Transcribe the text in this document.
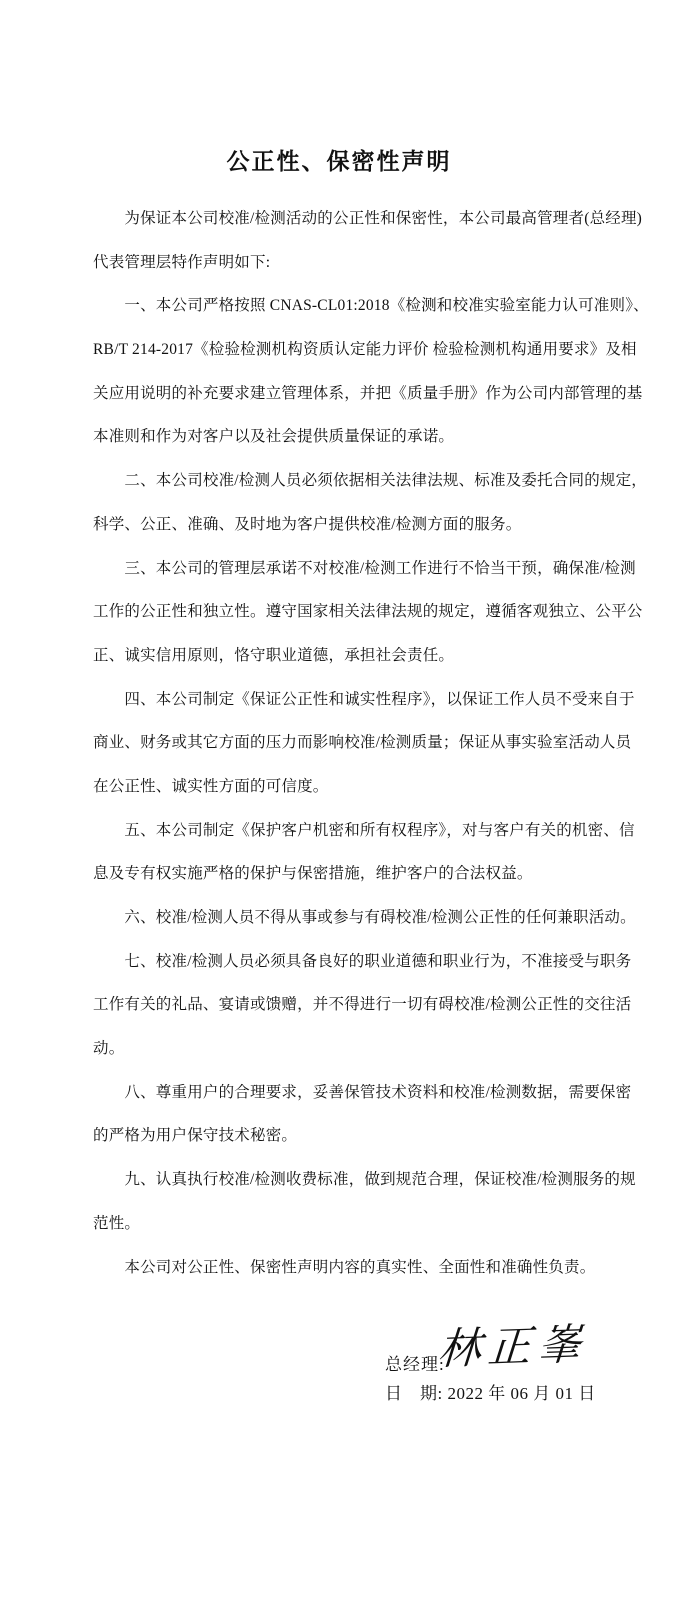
公正性、保密性声明
　　为保证本公司校准/检测活动的公正性和保密性，本公司最高管理者(总经理)
代表管理层特作声明如下:
　　一、本公司严格按照 CNAS-CL01:2018《检测和校准实验室能力认可准则》、
RB/T 214-2017《检验检测机构资质认定能力评价 检验检测机构通用要求》及相
关应用说明的补充要求建立管理体系，并把《质量手册》作为公司内部管理的基
本准则和作为对客户以及社会提供质量保证的承诺。
　　二、本公司校准/检测人员必须依据相关法律法规、标准及委托合同的规定，
科学、公正、准确、及时地为客户提供校准/检测方面的服务。
　　三、本公司的管理层承诺不对校准/检测工作进行不恰当干预，确保准/检测
工作的公正性和独立性。遵守国家相关法律法规的规定，遵循客观独立、公平公
正、诚实信用原则，恪守职业道德，承担社会责任。
　　四、本公司制定《保证公正性和诚实性程序》，以保证工作人员不受来自于
商业、财务或其它方面的压力而影响校准/检测质量；保证从事实验室活动人员
在公正性、诚实性方面的可信度。
　　五、本公司制定《保护客户机密和所有权程序》，对与客户有关的机密、信
息及专有权实施严格的保护与保密措施，维护客户的合法权益。
　　六、校准/检测人员不得从事或参与有碍校准/检测公正性的任何兼职活动。
　　七、校准/检测人员必须具备良好的职业道德和职业行为，不准接受与职务
工作有关的礼品、宴请或馈赠，并不得进行一切有碍校准/检测公正性的交往活
动。
　　八、尊重用户的合理要求，妥善保管技术资料和校准/检测数据，需要保密
的严格为用户保守技术秘密。
　　九、认真执行校准/检测收费标准，做到规范合理，保证校准/检测服务的规
范性。
　　本公司对公正性、保密性声明内容的真实性、全面性和准确性负责。
总经理:
林正峯
日　期: 2022 年 06 月 01 日
